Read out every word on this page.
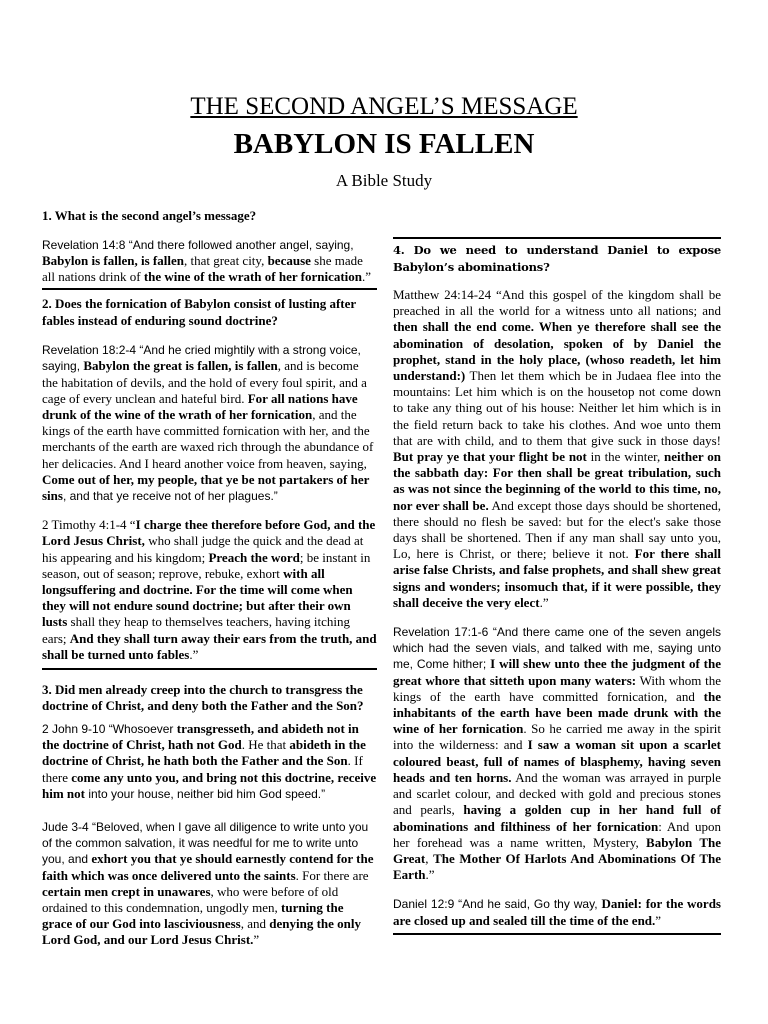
THE SECOND ANGEL’S MESSAGE
BABYLON IS FALLEN
A Bible Study

1. What is the second angel’s message?

Revelation 14:8 “And there followed another angel, saying, Babylon is fallen, is fallen, that great city, because she made all nations drink of the wine of the wrath of her fornication.”

2. Does the fornication of Babylon consist of lusting after fables instead of enduring sound doctrine?

Revelation 18:2-4 “And he cried mightily with a strong voice, saying, Babylon the great is fallen, is fallen, and is become the habitation of devils, and the hold of every foul spirit, and a cage of every unclean and hateful bird. For all nations have drunk of the wine of the wrath of her fornication, and the kings of the earth have committed fornication with her, and the merchants of the earth are waxed rich through the abundance of her delicacies. And I heard another voice from heaven, saying, Come out of her, my people, that ye be not partakers of her sins, and that ye receive not of her plagues.”

2 Timothy 4:1-4 “I charge thee therefore before God, and the Lord Jesus Christ, who shall judge the quick and the dead at his appearing and his kingdom; Preach the word; be instant in season, out of season; reprove, rebuke, exhort with all longsuffering and doctrine. For the time will come when they will not endure sound doctrine; but after their own lusts shall they heap to themselves teachers, having itching ears; And they shall turn away their ears from the truth, and shall be turned unto fables.”

3. Did men already creep into the church to transgress the doctrine of Christ, and deny both the Father and the Son?

2 John 9-10 “Whosoever transgresseth, and abideth not in the doctrine of Christ, hath not God. He that abideth in the doctrine of Christ, he hath both the Father and the Son. If there come any unto you, and bring not this doctrine, receive him not into your house, neither bid him God speed.”

Jude 3-4 “Beloved, when I gave all diligence to write unto you of the common salvation, it was needful for me to write unto you, and exhort you that ye should earnestly contend for the faith which was once delivered unto the saints. For there are certain men crept in unawares, who were before of old ordained to this condemnation, ungodly men, turning the grace of our God into lasciviousness, and denying the only Lord God, and our Lord Jesus Christ.”

4. Do we need to understand Daniel to expose Babylon’s abominations?

Matthew 24:14-24 “And this gospel of the kingdom shall be preached in all the world for a witness unto all nations; and then shall the end come. When ye therefore shall see the abomination of desolation, spoken of by Daniel the prophet, stand in the holy place, (whoso readeth, let him understand:) Then let them which be in Judaea flee into the mountains: Let him which is on the housetop not come down to take any thing out of his house: Neither let him which is in the field return back to take his clothes. And woe unto them that are with child, and to them that give suck in those days! But pray ye that your flight be not in the winter, neither on the sabbath day: For then shall be great tribulation, such as was not since the beginning of the world to this time, no, nor ever shall be. And except those days should be shortened, there should no flesh be saved: but for the elect's sake those days shall be shortened. Then if any man shall say unto you, Lo, here is Christ, or there; believe it not. For there shall arise false Christs, and false prophets, and shall shew great signs and wonders; insomuch that, if it were possible, they shall deceive the very elect.”

Revelation 17:1-6 “And there came one of the seven angels which had the seven vials, and talked with me, saying unto me, Come hither; I will shew unto thee the judgment of the great whore that sitteth upon many waters: With whom the kings of the earth have committed fornication, and the inhabitants of the earth have been made drunk with the wine of her fornication. So he carried me away in the spirit into the wilderness: and I saw a woman sit upon a scarlet coloured beast, full of names of blasphemy, having seven heads and ten horns. And the woman was arrayed in purple and scarlet colour, and decked with gold and precious stones and pearls, having a golden cup in her hand full of abominations and filthiness of her fornication: And upon her forehead was a name written, Mystery, Babylon The Great, The Mother Of Harlots And Abominations Of The Earth.”

Daniel 12:9 “And he said, Go thy way, Daniel: for the words are closed up and sealed till the time of the end.”
